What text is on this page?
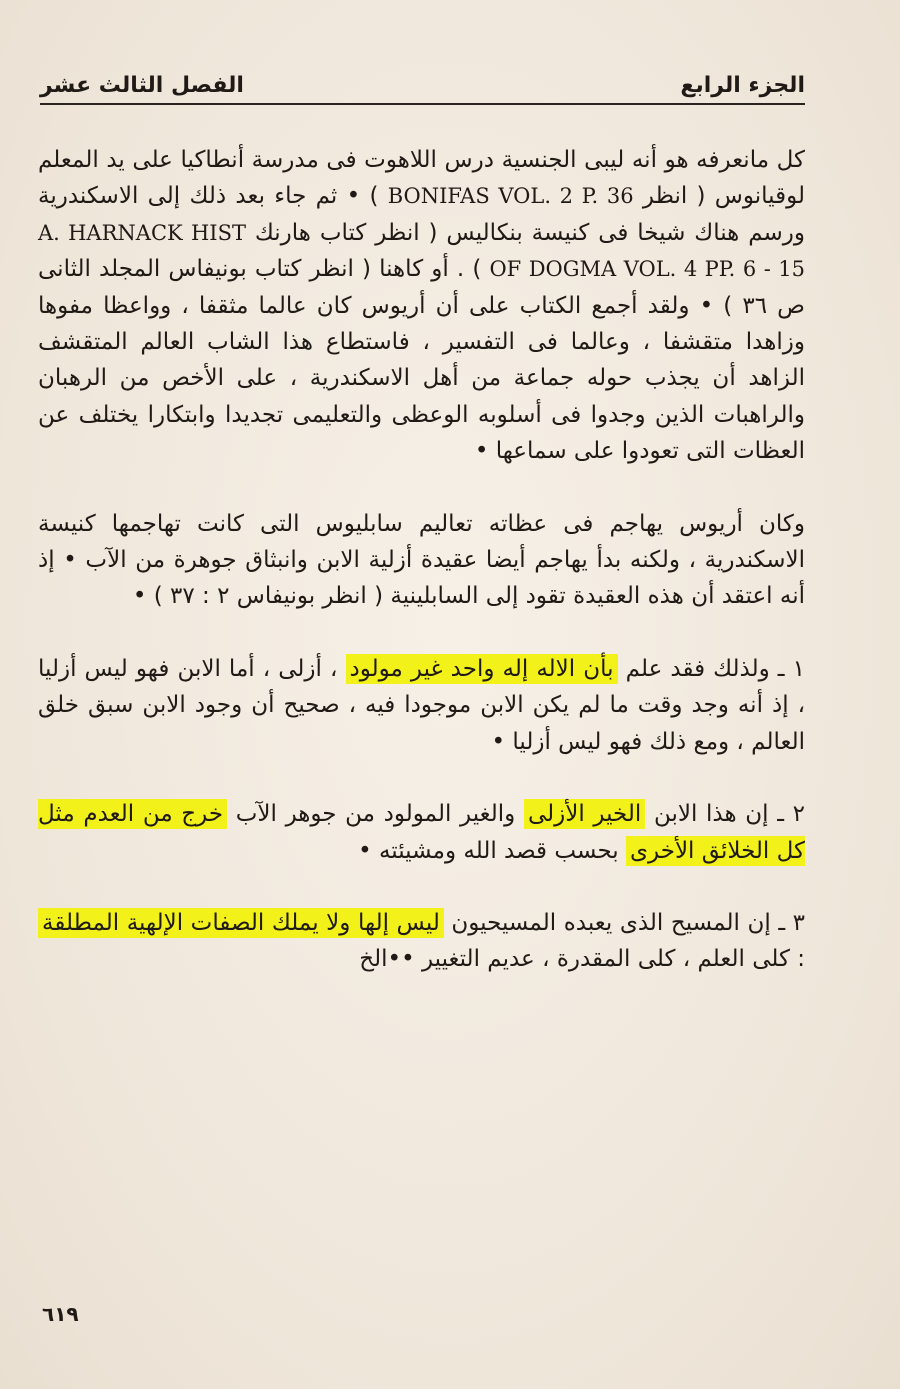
الجزء الرابع
الفصل الثالث عشر

كل مانعرفه هو أنه ليبى الجنسية درس اللاهوت فى مدرسة أنطاكيا على يد المعلم لوقيانوس ( انظر BONIFAS VOL. 2 P. 36 ) • ثم جاء بعد ذلك إلى الاسكندرية ورسم هناك شيخا فى كنيسة بنكاليس ( انظر كتاب هارنك A. HARNACK HIST OF DOGMA VOL. 4 PP. 6 - 15 ) . أو كاهنا ( انظر كتاب بونيفاس المجلد الثانى ص ٣٦ ) • ولقد أجمع الكتاب على أن أريوس كان عالما مثقفا ، وواعظا مفوها وزاهدا متقشفا ، وعالما فى التفسير ، فاستطاع هذا الشاب العالم المتقشف الزاهد أن يجذب حوله جماعة من أهل الاسكندرية ، على الأخص من الرهبان والراهبات الذين وجدوا فى أسلوبه الوعظى والتعليمى تجديدا وابتكارا يختلف عن العظات التى تعودوا على سماعها •

وكان أريوس يهاجم فى عظاته تعاليم سابليوس التى كانت تهاجمها كنيسة الاسكندرية ، ولكنه بدأ يهاجم أيضا عقيدة أزلية الابن وانبثاق جوهرة من الآب • إذ أنه اعتقد أن هذه العقيدة تقود إلى السابلينية ( انظر بونيفاس ٢ : ٣٧ ) •

١ ـ ولذلك فقد علم بأن الاله إله واحد غير مولود ، أزلى ، أما الابن فهو ليس أزليا ، إذ أنه وجد وقت ما لم يكن الابن موجودا فيه ، صحيح أن وجود الابن سبق خلق العالم ، ومع ذلك فهو ليس أزليا •

٢ ـ إن هذا الابن الخير الأزلى والغير المولود من جوهر الآب خرج من العدم مثل كل الخلائق الأخرى بحسب قصد الله ومشيئته •

٣ ـ إن المسيح الذى يعبده المسيحيون ليس إلها ولا يملك الصفات الإلهية المطلقة : كلى العلم ، كلى المقدرة ، عديم التغيير ••الخ

٦١٩
